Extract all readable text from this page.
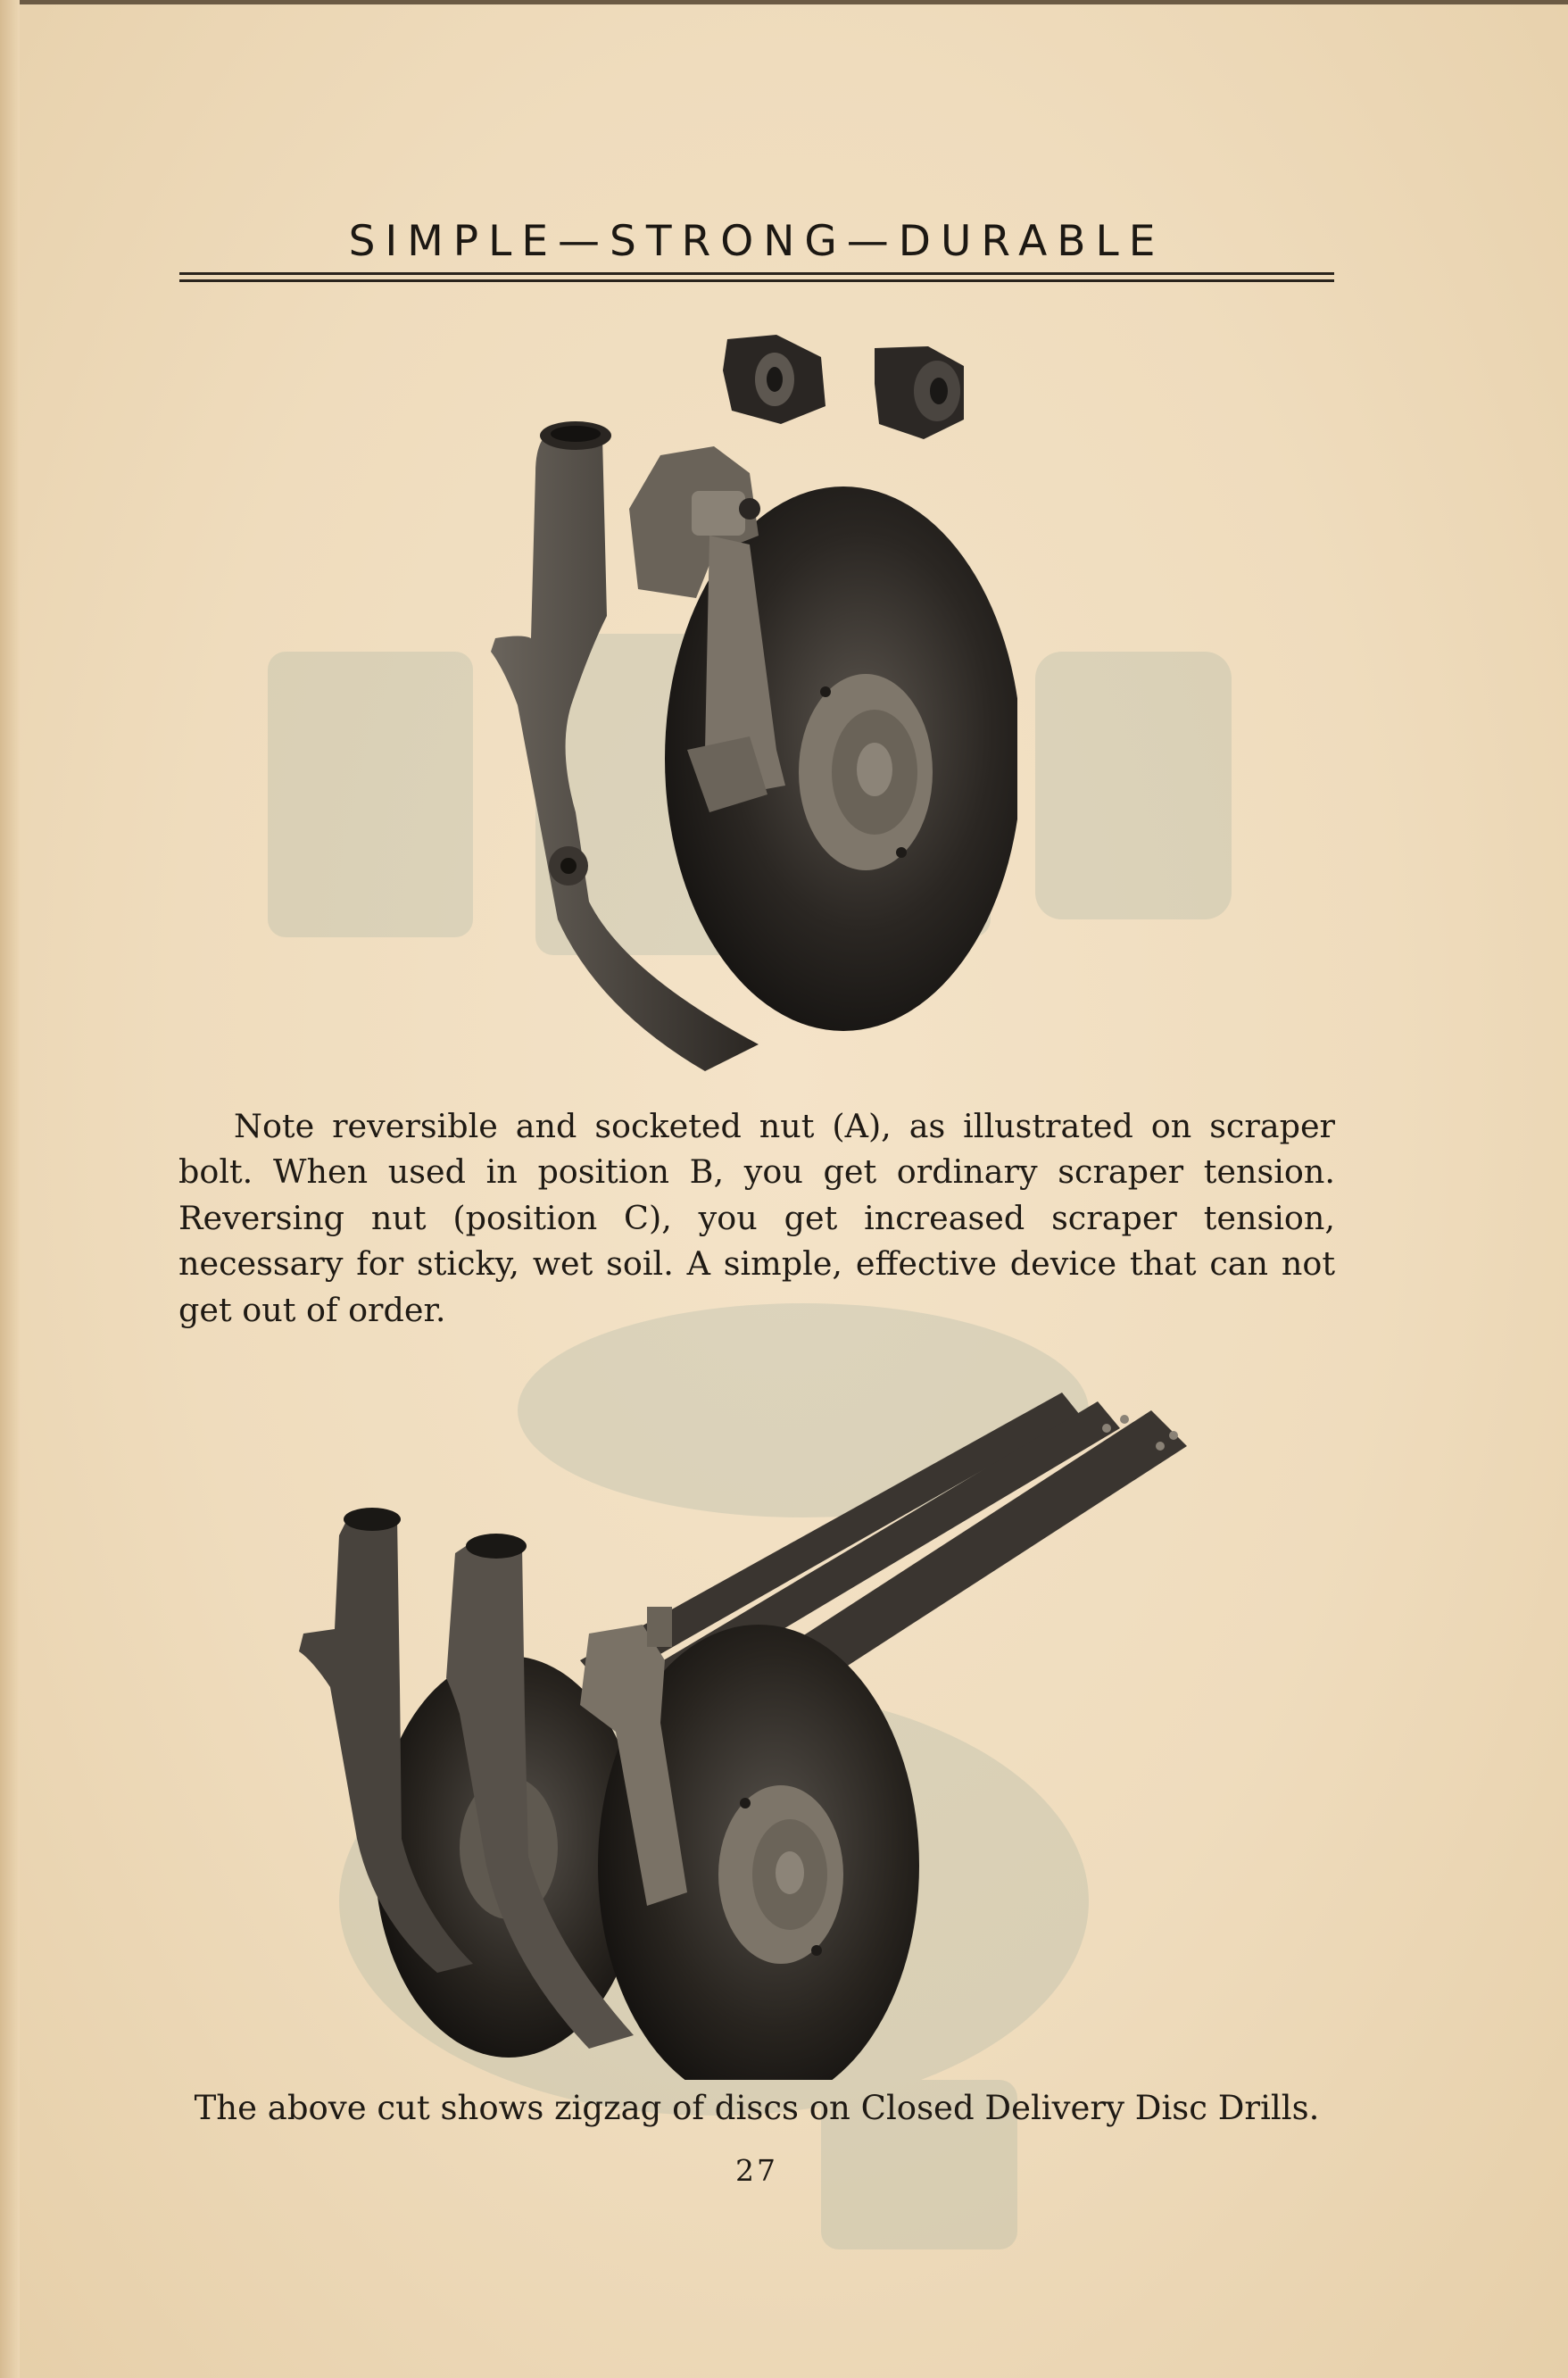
SIMPLE—STRONG—DURABLE

Note reversible and socketed nut (A), as illustrated on scraper bolt. When used in position B, you get ordinary scraper tension. Reversing nut (position C), you get increased scraper tension, necessary for sticky, wet soil. A simple, effective device that can not get out of order.

The above cut shows zigzag of discs on Closed Delivery Disc Drills.
27
